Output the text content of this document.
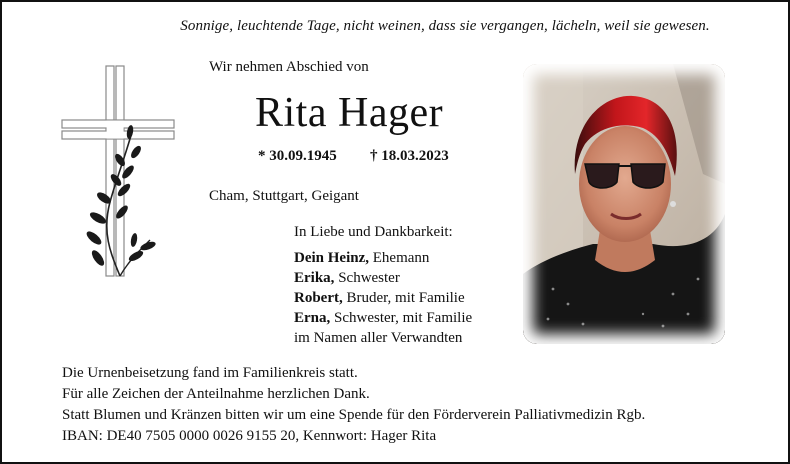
Sonnige, leuchtende Tage, nicht weinen, dass sie vergangen, lächeln, weil sie gewesen.
Wir nehmen Abschied von
Rita Hager
* 30.09.1945 † 18.03.2023
Cham, Stuttgart, Geigant
In Liebe und Dankbarkeit:
Dein Heinz, Ehemann
Erika, Schwester
Robert, Bruder, mit Familie
Erna, Schwester, mit Familie
im Namen aller Verwandten
Die Urnenbeisetzung fand im Familienkreis statt.
Für alle Zeichen der Anteilnahme herzlichen Dank.
Statt Blumen und Kränzen bitten wir um eine Spende für den Förderverein Palliativmedizin Rgb.
IBAN: DE40 7505 0000 0026 9155 20, Kennwort: Hager Rita
